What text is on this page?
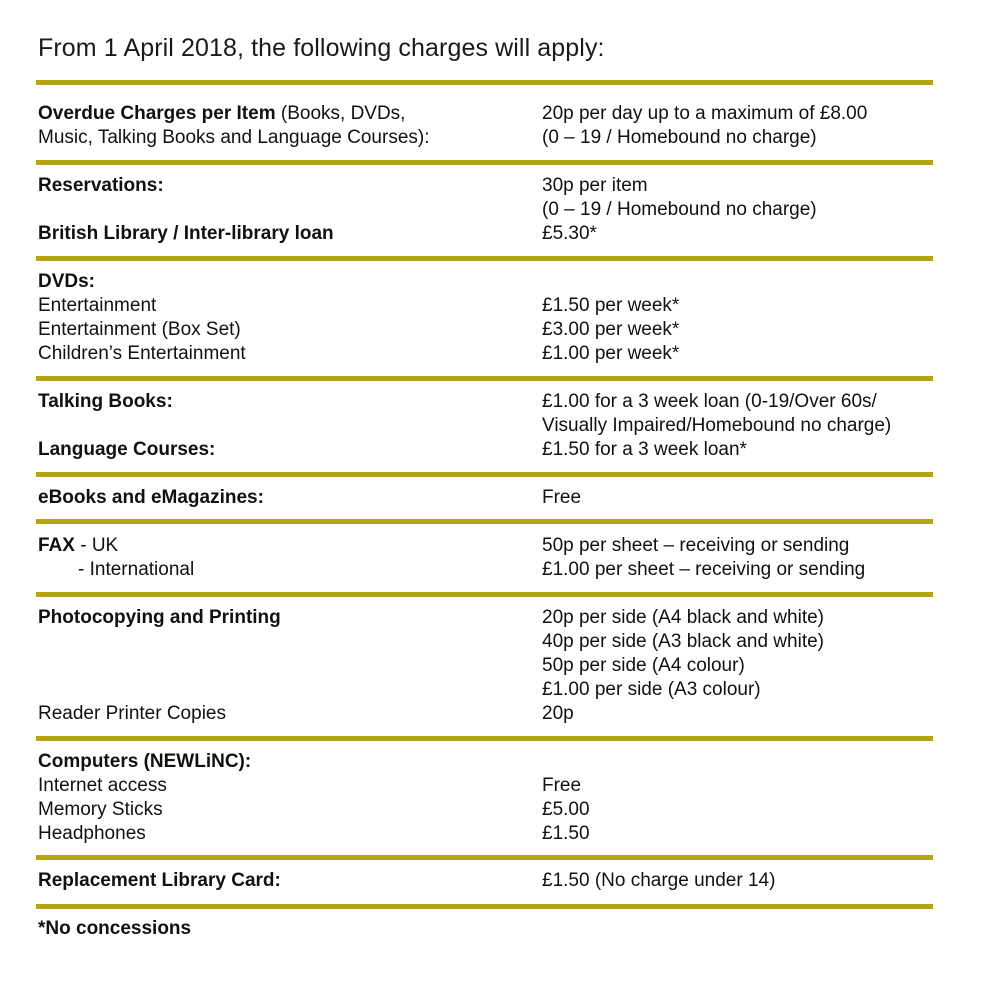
From 1 April 2018, the following charges will apply:
Overdue Charges per Item (Books, DVDs,	20p per day up to a maximum of £8.00
Music, Talking Books and Language Courses):	(0 – 19 / Homebound no charge)
Reservations:	30p per item
(0 – 19 / Homebound no charge)
British Library / Inter-library loan	£5.30*
DVDs:
Entertainment	£1.50 per week*
Entertainment (Box Set)	£3.00 per week*
Children’s Entertainment	£1.00 per week*
Talking Books:	£1.00 for a 3 week loan (0-19/Over 60s/
Visually Impaired/Homebound no charge)
Language Courses:	£1.50 for a 3 week loan*
eBooks and eMagazines:	Free
FAX - UK	50p per sheet – receiving or sending
- International	£1.00 per sheet – receiving or sending
Photocopying and Printing	20p per side (A4 black and white)
40p per side (A3 black and white)
50p per side (A4 colour)
£1.00 per side (A3 colour)
Reader Printer Copies	20p
Computers (NEWLiNC):
Internet access	Free
Memory Sticks	£5.00
Headphones	£1.50
Replacement Library Card:	£1.50 (No charge under 14)
*No concessions
